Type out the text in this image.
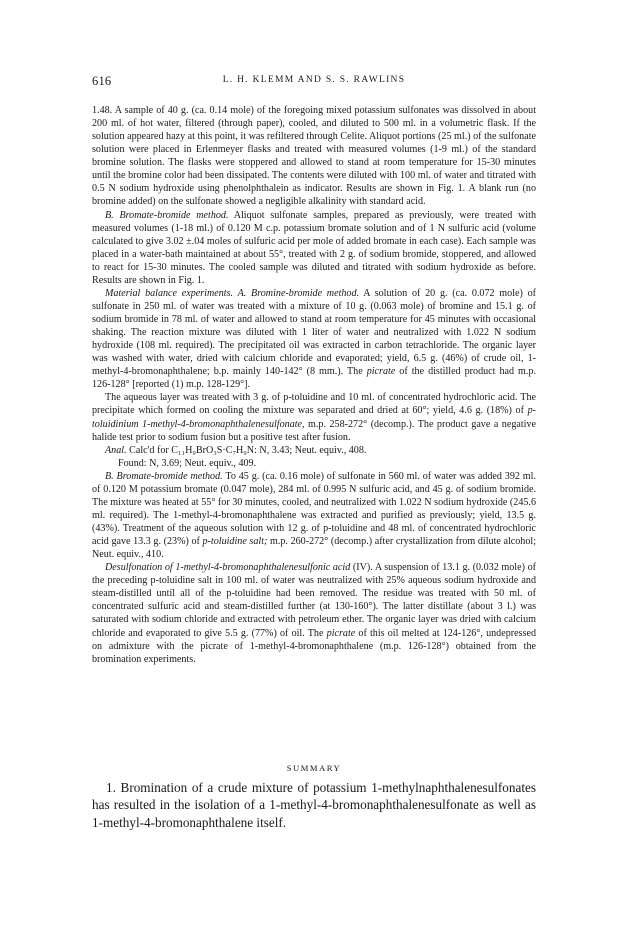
616	L. H. KLEMM AND S. S. RAWLINS

1.48. A sample of 40 g. (ca. 0.14 mole) of the foregoing mixed potassium sulfonates was dissolved in about 200 ml. of hot water, filtered (through paper), cooled, and diluted to 500 ml. in a volumetric flask. If the solution appeared hazy at this point, it was refiltered through Celite. Aliquot portions (25 ml.) of the sulfonate solution were placed in Erlenmeyer flasks and treated with measured volumes (1-9 ml.) of the standard bromine solution. The flasks were stoppered and allowed to stand at room temperature for 15-30 minutes until the bromine color had been dissipated. The contents were diluted with 100 ml. of water and titrated with 0.5 N sodium hydroxide using phenolphthalein as indicator. Results are shown in Fig. 1. A blank run (no bromine added) on the sulfonate showed a negligible alkalinity with standard acid.

B. Bromate-bromide method. Aliquot sulfonate samples, prepared as previously, were treated with measured volumes (1-18 ml.) of 0.120 M c.p. potassium bromate solution and of 1 N sulfuric acid (volume calculated to give 3.02 ±.04 moles of sulfuric acid per mole of added bromate in each case). Each sample was placed in a water-bath maintained at about 55°, treated with 2 g. of sodium bromide, stoppered, and allowed to react for 15-30 minutes. The cooled sample was diluted and titrated with sodium hydroxide as before. Results are shown in Fig. 1.

Material balance experiments. A. Bromine-bromide method. A solution of 20 g. (ca. 0.072 mole) of sulfonate in 250 ml. of water was treated with a mixture of 10 g. (0.063 mole) of bromine and 15.1 g. of sodium bromide in 78 ml. of water and allowed to stand at room temperature for 45 minutes with occasional shaking. The reaction mixture was diluted with 1 liter of water and neutralized with 1.022 N sodium hydroxide (108 ml. required). The precipitated oil was extracted in carbon tetrachloride. The organic layer was washed with water, dried with calcium chloride and evaporated; yield, 6.5 g. (46%) of crude oil, 1-methyl-4-bromonaphthalene; b.p. mainly 140-142° (8 mm.). The picrate of the distilled product had m.p. 126-128° [reported (1) m.p. 128-129°].

The aqueous layer was treated with 3 g. of p-toluidine and 10 ml. of concentrated hydrochloric acid. The precipitate which formed on cooling the mixture was separated and dried at 60°; yield, 4.6 g. (18%) of p-toluidinium 1-methyl-4-bromonaphthalenesulfonate, m.p. 258-272° (decomp.). The product gave a negative halide test prior to sodium fusion but a positive test after fusion.

Anal. Calc'd for C₁₁H₉BrO₃S·C₇H₉N: N, 3.43; Neut. equiv., 408.

Found: N, 3.69; Neut. equiv., 409.

B. Bromate-bromide method. To 45 g. (ca. 0.16 mole) of sulfonate in 560 ml. of water was added 392 ml. of 0.120 M potassium bromate (0.047 mole), 284 ml. of 0.995 N sulfuric acid, and 45 g. of sodium bromide. The mixture was heated at 55° for 30 minutes, cooled, and neutralized with 1.022 N sodium hydroxide (245.6 ml. required). The 1-methyl-4-bromonaphthalene was extracted and purified as previously; yield, 13.5 g. (43%). Treatment of the aqueous solution with 12 g. of p-toluidine and 48 ml. of concentrated hydrochloric acid gave 13.3 g. (23%) of p-toluidine salt; m.p. 260-272° (decomp.) after crystallization from dilute alcohol; Neut. equiv., 410.

Desulfonation of 1-methyl-4-bromonaphthalenesulfonic acid (IV). A suspension of 13.1 g. (0.032 mole) of the preceding p-toluidine salt in 100 ml. of water was neutralized with 25% aqueous sodium hydroxide and steam-distilled until all of the p-toluidine had been removed. The residue was treated with 50 ml. of concentrated sulfuric acid and steam-distilled further (at 130-160°). The latter distillate (about 3 l.) was saturated with sodium chloride and extracted with petroleum ether. The organic layer was dried with calcium chloride and evaporated to give 5.5 g. (77%) of oil. The picrate of this oil melted at 124-126°, undepressed on admixture with the picrate of 1-methyl-4-bromonaphthalene (m.p. 126-128°) obtained from the bromination experiments.

SUMMARY
1. Bromination of a crude mixture of potassium 1-methylnaphthalenesulfonates has resulted in the isolation of a 1-methyl-4-bromonaphthalenesulfonate as well as 1-methyl-4-bromonaphthalene itself.
